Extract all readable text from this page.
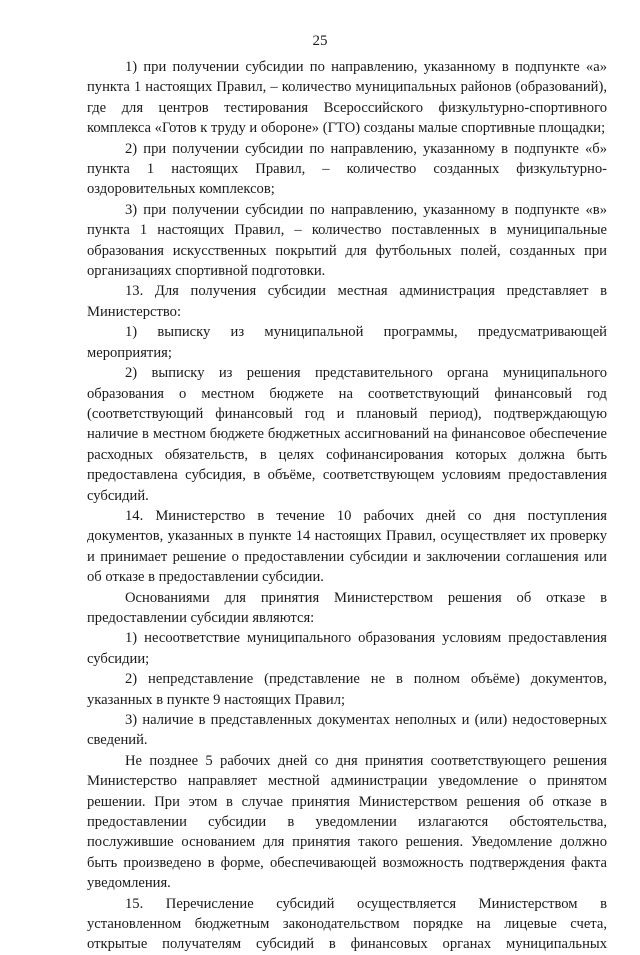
25

1) при получении субсидии по направлению, указанному в подпункте «а» пункта 1 настоящих Правил, – количество муниципальных районов (образований), где для центров тестирования Всероссийского физкультурно-спортивного комплекса «Готов к труду и обороне» (ГТО) созданы малые спортивные площадки;

2) при получении субсидии по направлению, указанному в подпункте «б» пункта 1 настоящих Правил, – количество созданных физкультурно-оздоровительных комплексов;

3) при получении субсидии по направлению, указанному в подпункте «в» пункта 1 настоящих Правил, – количество поставленных в муниципальные образования искусственных покрытий для футбольных полей, созданных при организациях спортивной подготовки.

13. Для получения субсидии местная администрация представляет в Министерство:

1) выписку из муниципальной программы, предусматривающей мероприятия;

2) выписку из решения представительного органа муниципального образования о местном бюджете на соответствующий финансовый год (соответствующий финансовый год и плановый период), подтверждающую наличие в местном бюджете бюджетных ассигнований на финансовое обеспечение расходных обязательств, в целях софинансирования которых должна быть предоставлена субсидия, в объёме, соответствующем условиям предоставления субсидий.

14. Министерство в течение 10 рабочих дней со дня поступления документов, указанных в пункте 14 настоящих Правил, осуществляет их проверку и принимает решение о предоставлении субсидии и заключении соглашения или об отказе в предоставлении субсидии.

Основаниями для принятия Министерством решения об отказе в предоставлении субсидии являются:

1) несоответствие муниципального образования условиям предоставления субсидии;

2) непредставление (представление не в полном объёме) документов, указанных в пункте 9 настоящих Правил;

3) наличие в представленных документах неполных и (или) недостоверных сведений.

Не позднее 5 рабочих дней со дня принятия соответствующего решения Министерство направляет местной администрации уведомление о принятом решении. При этом в случае принятия Министерством решения об отказе в предоставлении субсидии в уведомлении излагаются обстоятельства, послужившие основанием для принятия такого решения. Уведомление должно быть произведено в форме, обеспечивающей возможность подтверждения факта уведомления.

15. Перечисление субсидий осуществляется Министерством в установленном бюджетным законодательством порядке на лицевые счета, открытые получателям субсидий в финансовых органах муниципальных
